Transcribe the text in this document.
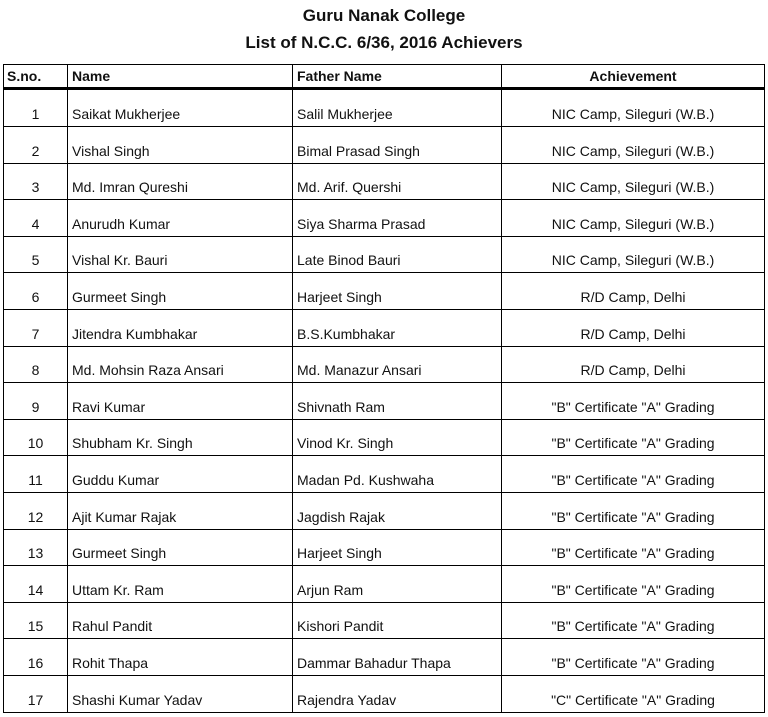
Guru Nanak College
List of N.C.C. 6/36, 2016 Achievers
S.no.	Name	Father Name	Achievement
1	Saikat Mukherjee	Salil Mukherjee	NIC Camp, Sileguri (W.B.)
2	Vishal Singh	Bimal Prasad Singh	NIC Camp, Sileguri (W.B.)
3	Md. Imran Qureshi	Md. Arif. Quershi	NIC Camp, Sileguri (W.B.)
4	Anurudh Kumar	Siya Sharma Prasad	NIC Camp, Sileguri (W.B.)
5	Vishal Kr. Bauri	Late Binod Bauri	NIC Camp, Sileguri (W.B.)
6	Gurmeet Singh	Harjeet Singh	R/D Camp, Delhi
7	Jitendra Kumbhakar	B.S.Kumbhakar	R/D Camp, Delhi
8	Md. Mohsin Raza Ansari	Md. Manazur Ansari	R/D Camp, Delhi
9	Ravi Kumar	Shivnath Ram	"B" Certificate "A" Grading
10	Shubham Kr. Singh	Vinod Kr. Singh	"B" Certificate "A" Grading
11	Guddu Kumar	Madan Pd. Kushwaha	"B" Certificate "A" Grading
12	Ajit Kumar Rajak	Jagdish Rajak	"B" Certificate "A" Grading
13	Gurmeet Singh	Harjeet Singh	"B" Certificate "A" Grading
14	Uttam Kr. Ram	Arjun Ram	"B" Certificate "A" Grading
15	Rahul Pandit	Kishori Pandit	"B" Certificate "A" Grading
16	Rohit Thapa	Dammar Bahadur Thapa	"B" Certificate "A" Grading
17	Shashi Kumar Yadav	Rajendra Yadav	"C" Certificate "A" Grading
